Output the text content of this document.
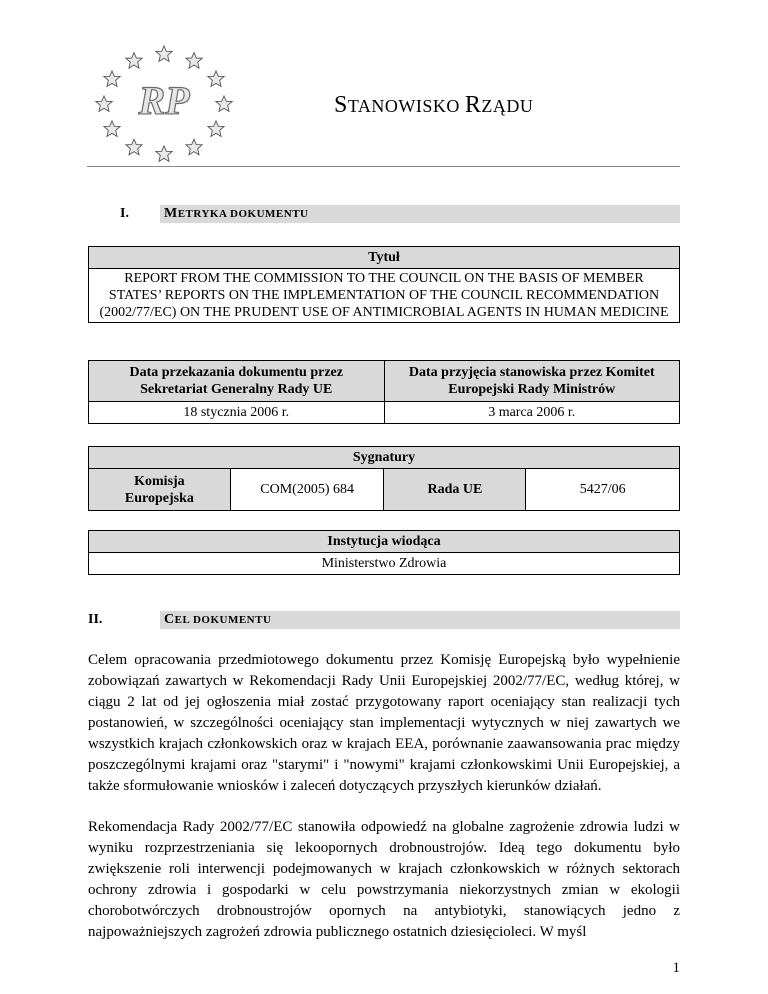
RP	STANOWISKO RZĄDU
I.	METRYKA DOKUMENTU
Tytuł
REPORT FROM THE COMMISSION TO THE COUNCIL ON THE BASIS OF MEMBER STATES’ REPORTS ON THE IMPLEMENTATION OF THE COUNCIL RECOMMENDATION (2002/77/EC) ON THE PRUDENT USE OF ANTIMICROBIAL AGENTS IN HUMAN MEDICINE
Data przekazania dokumentu przez Sekretariat Generalny Rady UE	Data przyjęcia stanowiska przez Komitet Europejski Rady Ministrów
18 stycznia 2006 r.	3 marca 2006 r.
Sygnatury
Komisja Europejska	COM(2005) 684	Rada UE	5427/06
Instytucja wiodąca
Ministerstwo Zdrowia
II.	CEL DOKUMENTU

Celem opracowania przedmiotowego dokumentu przez Komisję Europejską było wypełnienie zobowiązań zawartych w Rekomendacji Rady Unii Europejskiej 2002/77/EC, według której, w ciągu 2 lat od jej ogłoszenia miał zostać przygotowany raport oceniający stan realizacji tych postanowień, w szczególności oceniający stan implementacji wytycznych w niej zawartych we wszystkich krajach członkowskich oraz w krajach EEA, porównanie zaawansowania prac między poszczególnymi krajami oraz "starymi" i "nowymi" krajami członkowskimi Unii Europejskiej, a także sformułowanie wniosków i zaleceń dotyczących przyszłych kierunków działań.

Rekomendacja Rady 2002/77/EC stanowiła odpowiedź na globalne zagrożenie zdrowia ludzi w wyniku rozprzestrzeniania się lekoopornych drobnoustrojów. Ideą tego dokumentu było zwiększenie roli interwencji podejmowanych w krajach członkowskich w różnych sektorach ochrony zdrowia i gospodarki w celu powstrzymania niekorzystnych zmian w ekologii chorobotwórczych drobnoustrojów opornych na antybiotyki, stanowiących jedno z najpoważniejszych zagrożeń zdrowia publicznego ostatnich dziesięcioleci. W myśl

1
